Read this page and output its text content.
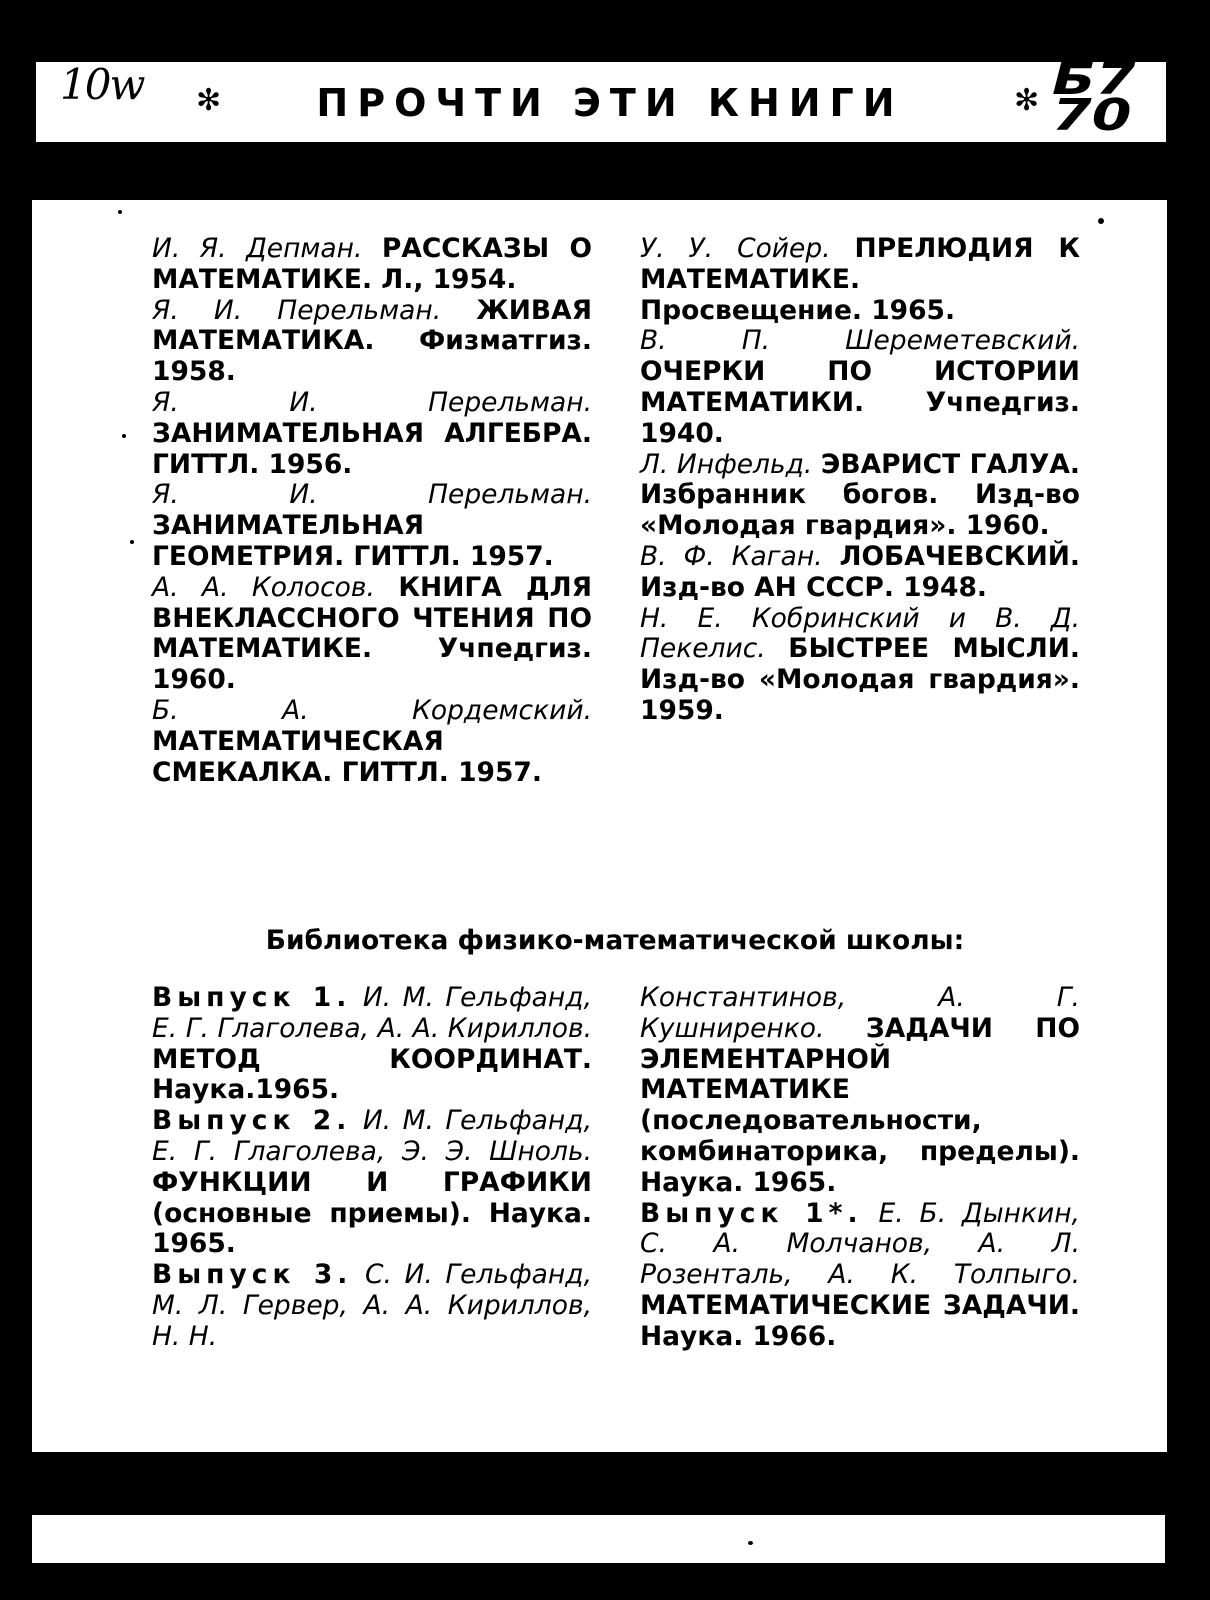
10w ✻	ПРОЧТИ ЭТИ КНИГИ	✻ Б7
70

И. Я. Депман. РАССКАЗЫ О МАТЕМАТИКЕ. Л., 1954.

Я. И. Перельман. ЖИВАЯ МАТЕМАТИКА. Физматгиз. 1958.

Я. И. Перельман. ЗАНИМАТЕЛЬНАЯ АЛГЕБРА. ГИТТЛ. 1956.

Я. И. Перельман. ЗАНИМАТЕЛЬНАЯ ГЕОМЕТРИЯ. ГИТТЛ. 1957.

А. А. Колосов. КНИГА ДЛЯ ВНЕКЛАССНОГО ЧТЕНИЯ ПО МАТЕМАТИКЕ. Учпедгиз. 1960.

Б. А. Кордемский. МАТЕМАТИЧЕСКАЯ СМЕКАЛКА. ГИТТЛ. 1957.

У. У. Сойер. ПРЕЛЮДИЯ К МАТЕМАТИКЕ. Просвещение. 1965.

В. П. Шереметевский. ОЧЕРКИ ПО ИСТОРИИ МАТЕМАТИКИ. Учпедгиз. 1940.

Л. Инфельд. ЭВАРИСТ ГАЛУА. Избранник богов. Изд-во «Молодая гвардия». 1960.

В. Ф. Каган. ЛОБАЧЕВСКИЙ. Изд-во АН СССР. 1948.

Н. Е. Кобринский и В. Д. Пекелис. БЫСТРЕЕ МЫСЛИ. Изд-во «Молодая гвардия». 1959.

Библиотека физико-математической школы:

Выпуск 1. И. М. Гельфанд, Е. Г. Глаголева, А. А. Кириллов. МЕТОД КООРДИНАТ. Наука.1965.

Выпуск 2. И. М. Гельфанд, Е. Г. Глаголева, Э. Э. Шноль. ФУНКЦИИ И ГРАФИКИ (основные приемы). Наука. 1965.

Выпуск 3. С. И. Гельфанд, М. Л. Гервер, А. А. Кириллов, Н. Н.

Константинов, А. Г. Кушниренко. ЗАДАЧИ ПО ЭЛЕМЕНТАРНОЙ МАТЕМАТИКЕ (последовательности, комбинаторика, пределы). Наука. 1965.

Выпуск 1*. Е. Б. Дынкин, С. А. Молчанов, А. Л. Розенталь, А. К. Толпыго. МАТЕМАТИЧЕСКИЕ ЗАДАЧИ. Наука. 1966.
